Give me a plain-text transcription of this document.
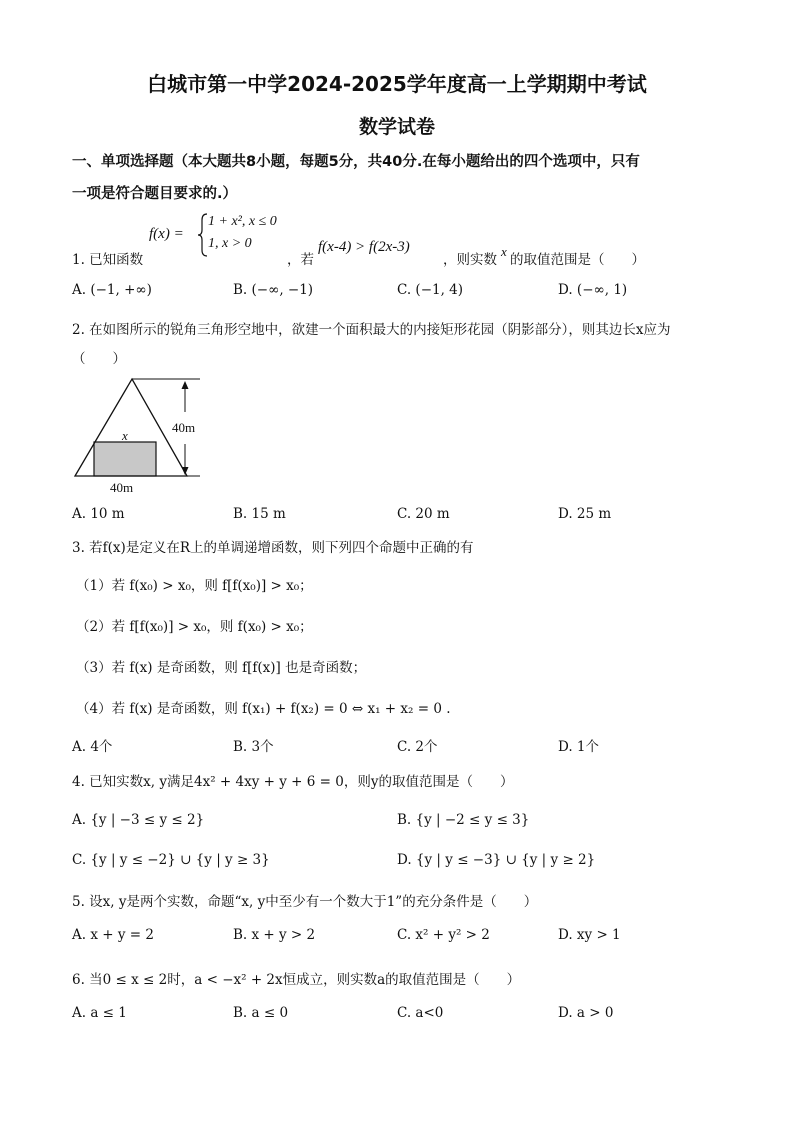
白城市第一中学2024-2025学年度高一上学期期中考试
数学试卷
一、单项选择题（本大题共8小题，每题5分，共40分.在每小题给出的四个选项中，只有
一项是符合题目要求的.）
1. 已知函数
f(x) =
1 + x², x ≤ 0
1, x > 0
，若
f(x-4) > f(2x-3)
，则实数
x
的取值范围是（　　）
A. (−1, +∞)	B. (−∞, −1)	C. (−1, 4)	D. (−∞, 1)
2. 在如图所示的锐角三角形空地中，欲建一个面积最大的内接矩形花园（阴影部分），则其边长x应为
（　　）
x
40m
40m
A. 10 m	B. 15 m	C. 20 m	D. 25 m
3. 若f(x)是定义在R上的单调递增函数，则下列四个命题中正确的有
（1）若 f(x₀) > x₀，则 f[f(x₀)] > x₀；
（2）若 f[f(x₀)] > x₀，则 f(x₀) > x₀；
（3）若 f(x) 是奇函数，则 f[f(x)] 也是奇函数；
（4）若 f(x) 是奇函数，则 f(x₁) + f(x₂) = 0 ⇔ x₁ + x₂ = 0 .
A. 4个	B. 3个	C. 2个	D. 1个
4. 已知实数x, y满足4x² + 4xy + y + 6 = 0，则y的取值范围是（　　）
A. {y | −3 ≤ y ≤ 2}	B. {y | −2 ≤ y ≤ 3}
C. {y | y ≤ −2} ∪ {y | y ≥ 3}	D. {y | y ≤ −3} ∪ {y | y ≥ 2}
5. 设x, y是两个实数，命题“x, y中至少有一个数大于1”的充分条件是（　　）
A. x + y = 2	B. x + y > 2	C. x² + y² > 2	D. xy > 1
6. 当0 ≤ x ≤ 2时，a < −x² + 2x恒成立，则实数a的取值范围是（　　）
A. a ≤ 1	B. a ≤ 0	C. a<0	D. a > 0
